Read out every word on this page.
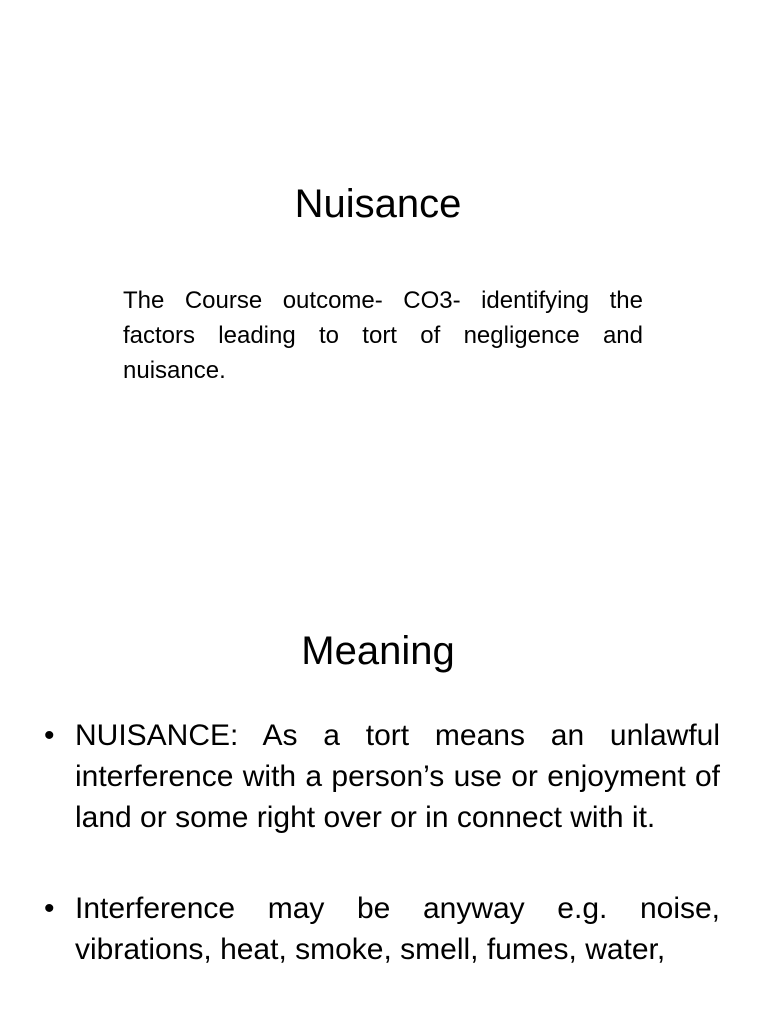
Nuisance

The Course outcome- CO3- identifying the factors leading to tort of negligence and nuisance.

Meaning
• NUISANCE: As a tort means an unlawful interference with a person’s use or enjoyment of land or some right over or in connect with it.
• Interference may be anyway e.g. noise, vibrations, heat, smoke, smell, fumes, water,
